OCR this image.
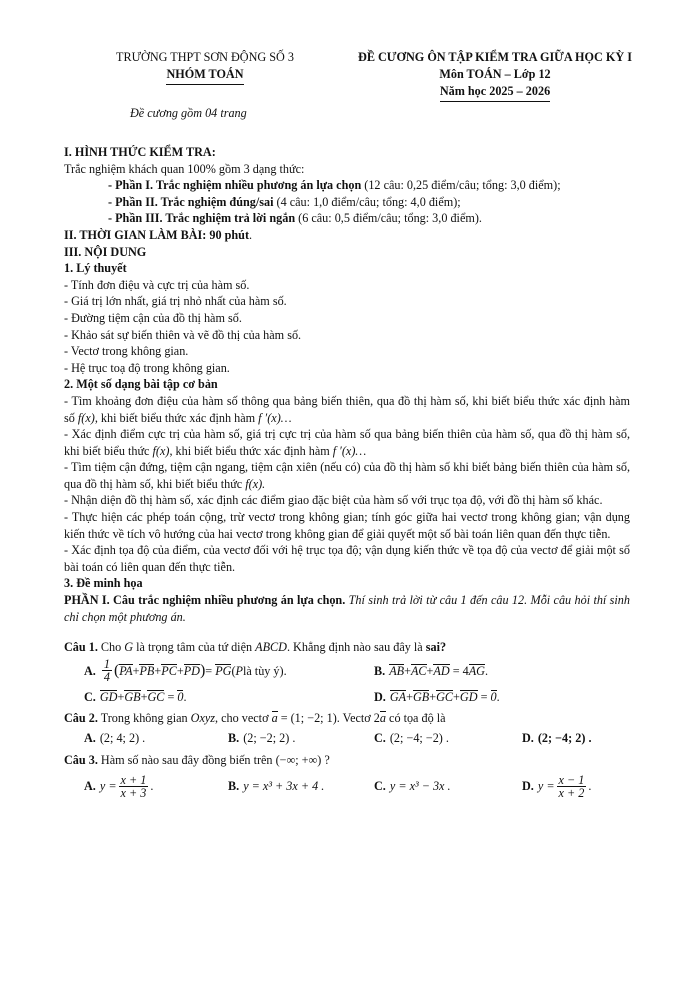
TRƯỜNG THPT SƠN ĐỘNG SỐ 3
NHÓM TOÁN
ĐỀ CƯƠNG ÔN TẬP KIỂM TRA GIỮA HỌC KỲ I
Môn TOÁN – Lớp 12
Năm học 2025 – 2026
Đề cương gồm 04 trang

I. HÌNH THỨC KIỂM TRA:

Trắc nghiệm khách quan 100% gồm 3 dạng thức:

- Phần I. Trắc nghiệm nhiều phương án lựa chọn (12 câu: 0,25 điểm/câu; tổng: 3,0 điểm);

- Phần II. Trắc nghiệm đúng/sai (4 câu: 1,0 điểm/câu; tổng: 4,0 điểm);

- Phần III. Trắc nghiệm trả lời ngắn (6 câu: 0,5 điểm/câu; tổng: 3,0 điểm).

II. THỜI GIAN LÀM BÀI: 90 phút.

III. NỘI DUNG

1. Lý thuyết

- Tính đơn điệu và cực trị của hàm số.

- Giá trị lớn nhất, giá trị nhỏ nhất của hàm số.

- Đường tiệm cận của đồ thị hàm số.

- Khảo sát sự biến thiên và vẽ đồ thị của hàm số.

- Vectơ trong không gian.

- Hệ trục toạ độ trong không gian.

2. Một số dạng bài tập cơ bản

- Tìm khoảng đơn điệu của hàm số thông qua bảng biến thiên, qua đồ thị hàm số, khi biết biểu thức xác định hàm số f(x), khi biết biểu thức xác định hàm f ′(x)…

- Xác định điểm cực trị của hàm số, giá trị cực trị của hàm số qua bảng biến thiên của hàm số, qua đồ thị hàm số, khi biết biểu thức f(x), khi biết biểu thức xác định hàm f ′(x)…

- Tìm tiệm cận đứng, tiệm cận ngang, tiệm cận xiên (nếu có) của đồ thị hàm số khi biết bảng biến thiên của hàm số, qua đồ thị hàm số, khi biết biểu thức f(x).

- Nhận diện đồ thị hàm số, xác định các điểm giao đặc biệt của hàm số với trục tọa độ, với đồ thị hàm số khác.

- Thực hiện các phép toán cộng, trừ vectơ trong không gian; tính góc giữa hai vectơ trong không gian; vận dụng kiến thức về tích vô hướng của hai vectơ trong không gian để giải quyết một số bài toán liên quan đến thực tiễn.

- Xác định tọa độ của điểm, của vectơ đối với hệ trục tọa độ; vận dụng kiến thức về tọa độ của vectơ để giải một số bài toán có liên quan đến thực tiễn.

3. Đề minh họa

PHẦN I. Câu trắc nghiệm nhiều phương án lựa chọn. Thí sinh trả lời từ câu 1 đến câu 12. Mỗi câu hỏi thí sinh chỉ chọn một phương án.

Câu 1. Cho G là trọng tâm của tứ diện ABCD. Khẳng định nào sau đây là sai?

A. $\frac{1}{4}$ ( PA + PB + PC + PD ) =
PG ( P là tùy ý).	B. AB + AC + AD
=
4 AG .
C. GD + GB + GC
=
0 .	D. GA + GB + GC + GD
=
0 .

Câu 2. Trong không gian Oxyz, cho vectơ a = (1; −2; 1). Vectơ 2a có tọa độ là

A. (2; 4; 2) .	B. (2; −2; 2) .	C. (2; −4; −2) .	D. (2; −4; 2) .

Câu 3. Hàm số nào sau đây đồng biến trên (−∞; +∞) ?

A. $y = \frac{x + 1}{x + 3}$ .	B. y = x³ + 3x + 4 .	C. y = x³ − 3x .	D. $y = \frac{x - 1}{x + 2}$ .
